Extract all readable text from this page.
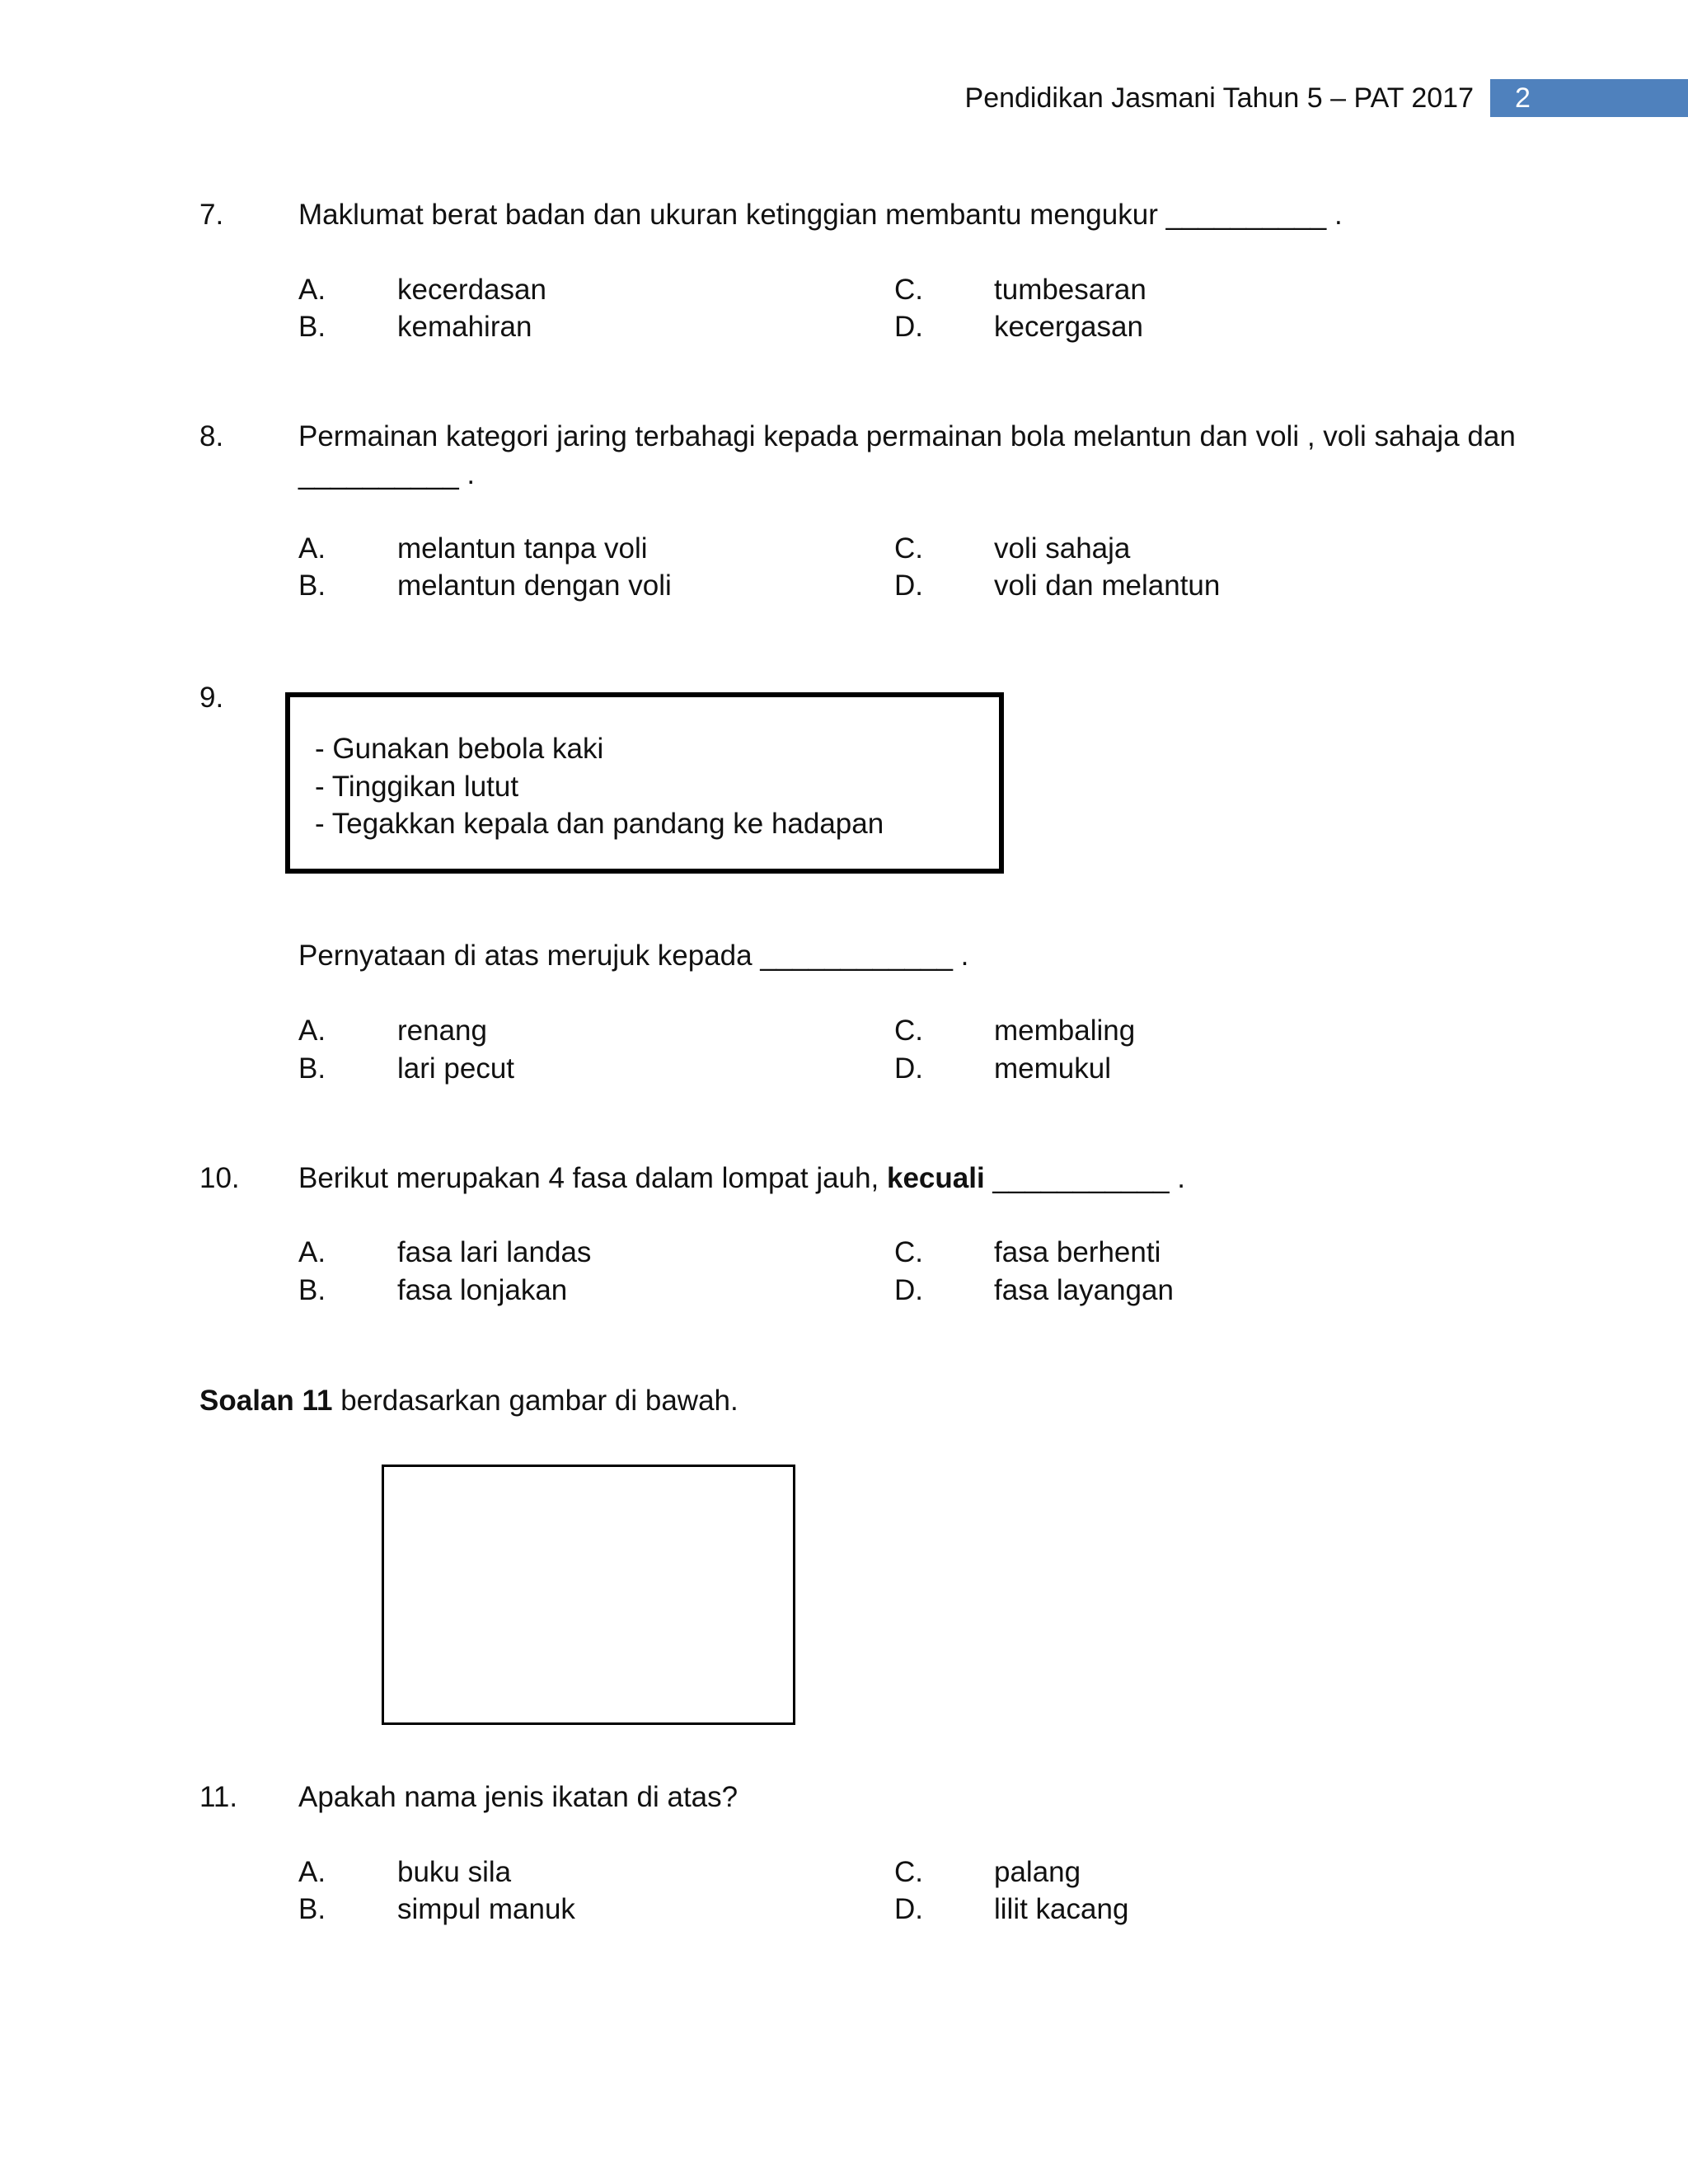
Pendidikan Jasmani Tahun 5 – PAT 2017	2
7.	Maklumat berat badan dan ukuran ketinggian membantu mengukur __________ .
A. kecerdasan
B. kemahiran
C. tumbesaran
D. kecergasan
8.	Permainan kategori jaring terbahagi kepada permainan bola melantun dan voli , voli sahaja dan
__________ .
A. melantun tanpa voli
B. melantun dengan voli
C. voli sahaja
D. voli dan melantun
9.
- Gunakan bebola kaki
- Tinggikan lutut
- Tegakkan kepala dan pandang ke hadapan
Pernyataan di atas merujuk kepada ____________ .
A. renang
B. lari pecut
C. membaling
D. memukul
10. Berikut merupakan 4 fasa dalam lompat jauh, kecuali ___________ .
A. fasa lari landas
B. fasa lonjakan
C. fasa berhenti
D. fasa layangan
Soalan 11 berdasarkan gambar di bawah.
11. Apakah nama jenis ikatan di atas?
A. buku sila
B. simpul manuk
C. palang
D. lilit kacang
